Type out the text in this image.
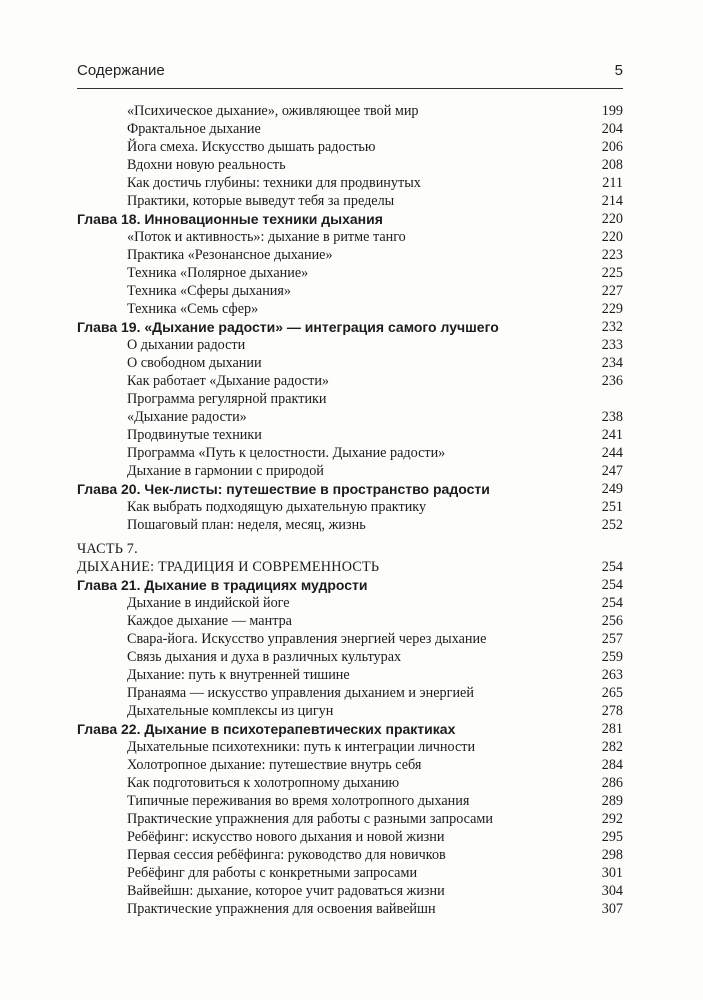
Содержание	5
«Психическое дыхание», оживляющее твой мир	199
Фрактальное дыхание	204
Йога смеха. Искусство дышать радостью	206
Вдохни новую реальность	208
Как достичь глубины: техники для продвинутых	211
Практики, которые выведут тебя за пределы	214
Глава 18. Инновационные техники дыхания	220
«Поток и активность»: дыхание в ритме танго	220
Практика «Резонансное дыхание»	223
Техника «Полярное дыхание»	225
Техника «Сферы дыхания»	227
Техника «Семь сфер»	229
Глава 19. «Дыхание радости» — интеграция самого лучшего	232
О дыхании радости	233
О свободном дыхании	234
Как работает «Дыхание радости»	236
Программа регулярной практики
«Дыхание радости»	238
Продвинутые техники	241
Программа «Путь к целостности. Дыхание радости»	244
Дыхание в гармонии с природой	247
Глава 20. Чек-листы: путешествие в пространство радости	249
Как выбрать подходящую дыхательную практику	251
Пошаговый план: неделя, месяц, жизнь	252
ЧАСТЬ 7.
ДЫХАНИЕ: ТРАДИЦИЯ И СОВРЕМЕННОСТЬ	254
Глава 21. Дыхание в традициях мудрости	254
Дыхание в индийской йоге	254
Каждое дыхание — мантра	256
Свара-йога. Искусство управления энергией через дыхание	257
Связь дыхания и духа в различных культурах	259
Дыхание: путь к внутренней тишине	263
Пранаяма — искусство управления дыханием и энергией	265
Дыхательные комплексы из цигун	278
Глава 22. Дыхание в психотерапевтических практиках	281
Дыхательные психотехники: путь к интеграции личности	282
Холотропное дыхание: путешествие внутрь себя	284
Как подготовиться к холотропному дыханию	286
Типичные переживания во время холотропного дыхания	289
Практические упражнения для работы с разными запросами	292
Ребёфинг: искусство нового дыхания и новой жизни	295
Первая сессия ребёфинга: руководство для новичков	298
Ребёфинг для работы с конкретными запросами	301
Вайвейшн: дыхание, которое учит радоваться жизни	304
Практические упражнения для освоения вайвейшн	307
